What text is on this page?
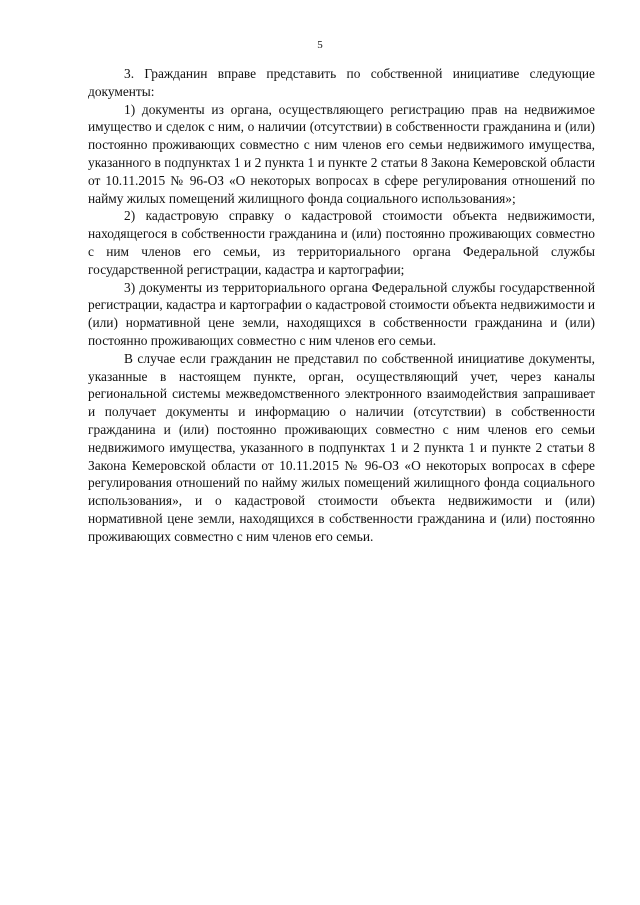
5

3. Гражданин вправе представить по собственной инициативе следующие документы:

1) документы из органа, осуществляющего регистрацию прав на недвижимое имущество и сделок с ним, о наличии (отсутствии) в собственности гражданина и (или) постоянно проживающих совместно с ним членов его семьи недвижимого имущества, указанного в подпунктах 1 и 2 пункта 1 и пункте 2 статьи 8 Закона Кемеровской области от 10.11.2015 № 96-ОЗ «О некоторых вопросах в сфере регулирования отношений по найму жилых помещений жилищного фонда социального использования»;

2) кадастровую справку о кадастровой стоимости объекта недвижимости, находящегося в собственности гражданина и (или) постоянно проживающих совместно с ним членов его семьи, из территориального органа Федеральной службы государственной регистрации, кадастра и картографии;

3) документы из территориального органа Федеральной службы государственной регистрации, кадастра и картографии о кадастровой стоимости объекта недвижимости и (или) нормативной цене земли, находящихся в собственности гражданина и (или) постоянно проживающих совместно с ним членов его семьи.

В случае если гражданин не представил по собственной инициативе документы, указанные в настоящем пункте, орган, осуществляющий учет, через каналы региональной системы межведомственного электронного взаимодействия запрашивает и получает документы и информацию о наличии (отсутствии) в собственности гражданина и (или) постоянно проживающих совместно с ним членов его семьи недвижимого имущества, указанного в подпунктах 1 и 2 пункта 1 и пункте 2 статьи 8 Закона Кемеровской области от 10.11.2015 № 96-ОЗ «О некоторых вопросах в сфере регулирования отношений по найму жилых помещений жилищного фонда социального использования», и о кадастровой стоимости объекта недвижимости и (или) нормативной цене земли, находящихся в собственности гражданина и (или) постоянно проживающих совместно с ним членов его семьи.
